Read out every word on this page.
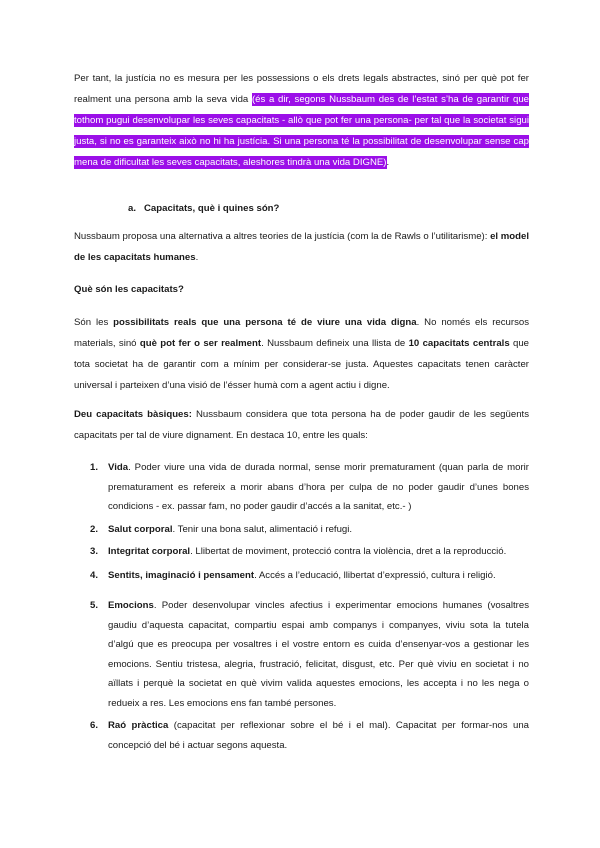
Per tant, la justícia no es mesura per les possessions o els drets legals abstractes, sinó per què pot fer realment una persona amb la seva vida (és a dir, segons Nussbaum des de l’estat s’ha de garantir que tothom pugui desenvolupar les seves capacitats - allò que pot fer una persona- per tal que la societat sigui justa, si no es garanteix això no hi ha justícia. Si una persona té la possibilitat de desenvolupar sense cap mena de dificultat les seves capacitats, aleshores tindrà una vida DIGNE).

a. Capacitats, què i quines són?

Nussbaum proposa una alternativa a altres teories de la justícia (com la de Rawls o l’utilitarisme): el model de les capacitats humanes.

Què són les capacitats?

Són les possibilitats reals que una persona té de viure una vida digna. No només els recursos materials, sinó què pot fer o ser realment. Nussbaum defineix una llista de 10 capacitats centrals que tota societat ha de garantir com a mínim per considerar-se justa. Aquestes capacitats tenen caràcter universal i parteixen d’una visió de l’ésser humà com a agent actiu i digne.

Deu capacitats bàsiques: Nussbaum considera que tota persona ha de poder gaudir de les següents capacitats per tal de viure dignament. En destaca 10, entre les quals:

1. Vida. Poder viure una vida de durada normal, sense morir prematurament (quan parla de morir prematurament es refereix a morir abans d’hora per culpa de no poder gaudir d’unes bones condicions - ex. passar fam, no poder gaudir d’accés a la sanitat, etc.- )
2. Salut corporal. Tenir una bona salut, alimentació i refugi.
3. Integritat corporal. Llibertat de moviment, protecció contra la violència, dret a la reproducció.
4. Sentits, imaginació i pensament. Accés a l’educació, llibertat d’expressió, cultura i religió.
5. Emocions. Poder desenvolupar vincles afectius i experimentar emocions humanes (vosaltres gaudiu d’aquesta capacitat, compartiu espai amb companys i companyes, viviu sota la tutela d’algú que es preocupa per vosaltres i el vostre entorn es cuida d’ensenyar-vos a gestionar les emocions. Sentiu tristesa, alegria, frustració, felicitat, disgust, etc. Per què viviu en societat i no aïllats i perquè la societat en què vivim valida aquestes emocions, les accepta i no les nega o redueix a res. Les emocions ens fan també persones.
6. Raó pràctica (capacitat per reflexionar sobre el bé i el mal). Capacitat per formar-nos una concepció del bé i actuar segons aquesta.
